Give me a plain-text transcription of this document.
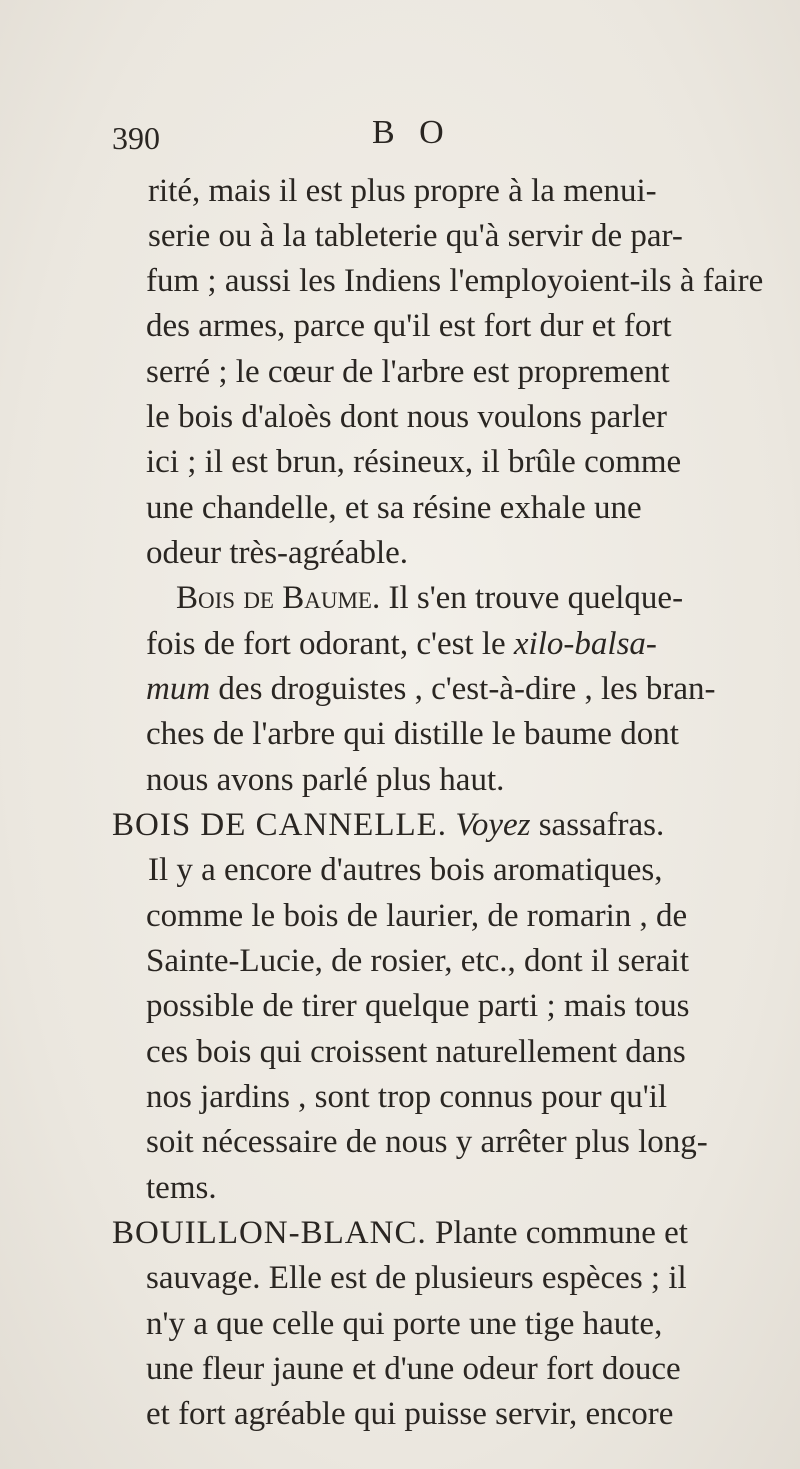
390	B O
rité, mais il est plus propre à la menui-
serie ou à la tableterie qu'à servir de par-
fum ; aussi les Indiens l'employoient-ils à faire
des armes, parce qu'il est fort dur et fort
serré ; le cœur de l'arbre est proprement
le bois d'aloès dont nous voulons parler
ici ; il est brun, résineux, il brûle comme
une chandelle, et sa résine exhale une
odeur très-agréable.
Bois de Baume. Il s'en trouve quelque-
fois de fort odorant, c'est le xilo-balsa-
mum des droguistes , c'est-à-dire , les bran-
ches de l'arbre qui distille le baume dont
nous avons parlé plus haut.
BOIS DE CANNELLE. Voyez sassafras.
Il y a encore d'autres bois aromatiques,
comme le bois de laurier, de romarin , de
Sainte-Lucie, de rosier, etc., dont il serait
possible de tirer quelque parti ; mais tous
ces bois qui croissent naturellement dans
nos jardins , sont trop connus pour qu'il
soit nécessaire de nous y arrêter plus long-
tems.
BOUILLON-BLANC. Plante commune et
sauvage. Elle est de plusieurs espèces ; il
n'y a que celle qui porte une tige haute,
une fleur jaune et d'une odeur fort douce
et fort agréable qui puisse servir, encore
